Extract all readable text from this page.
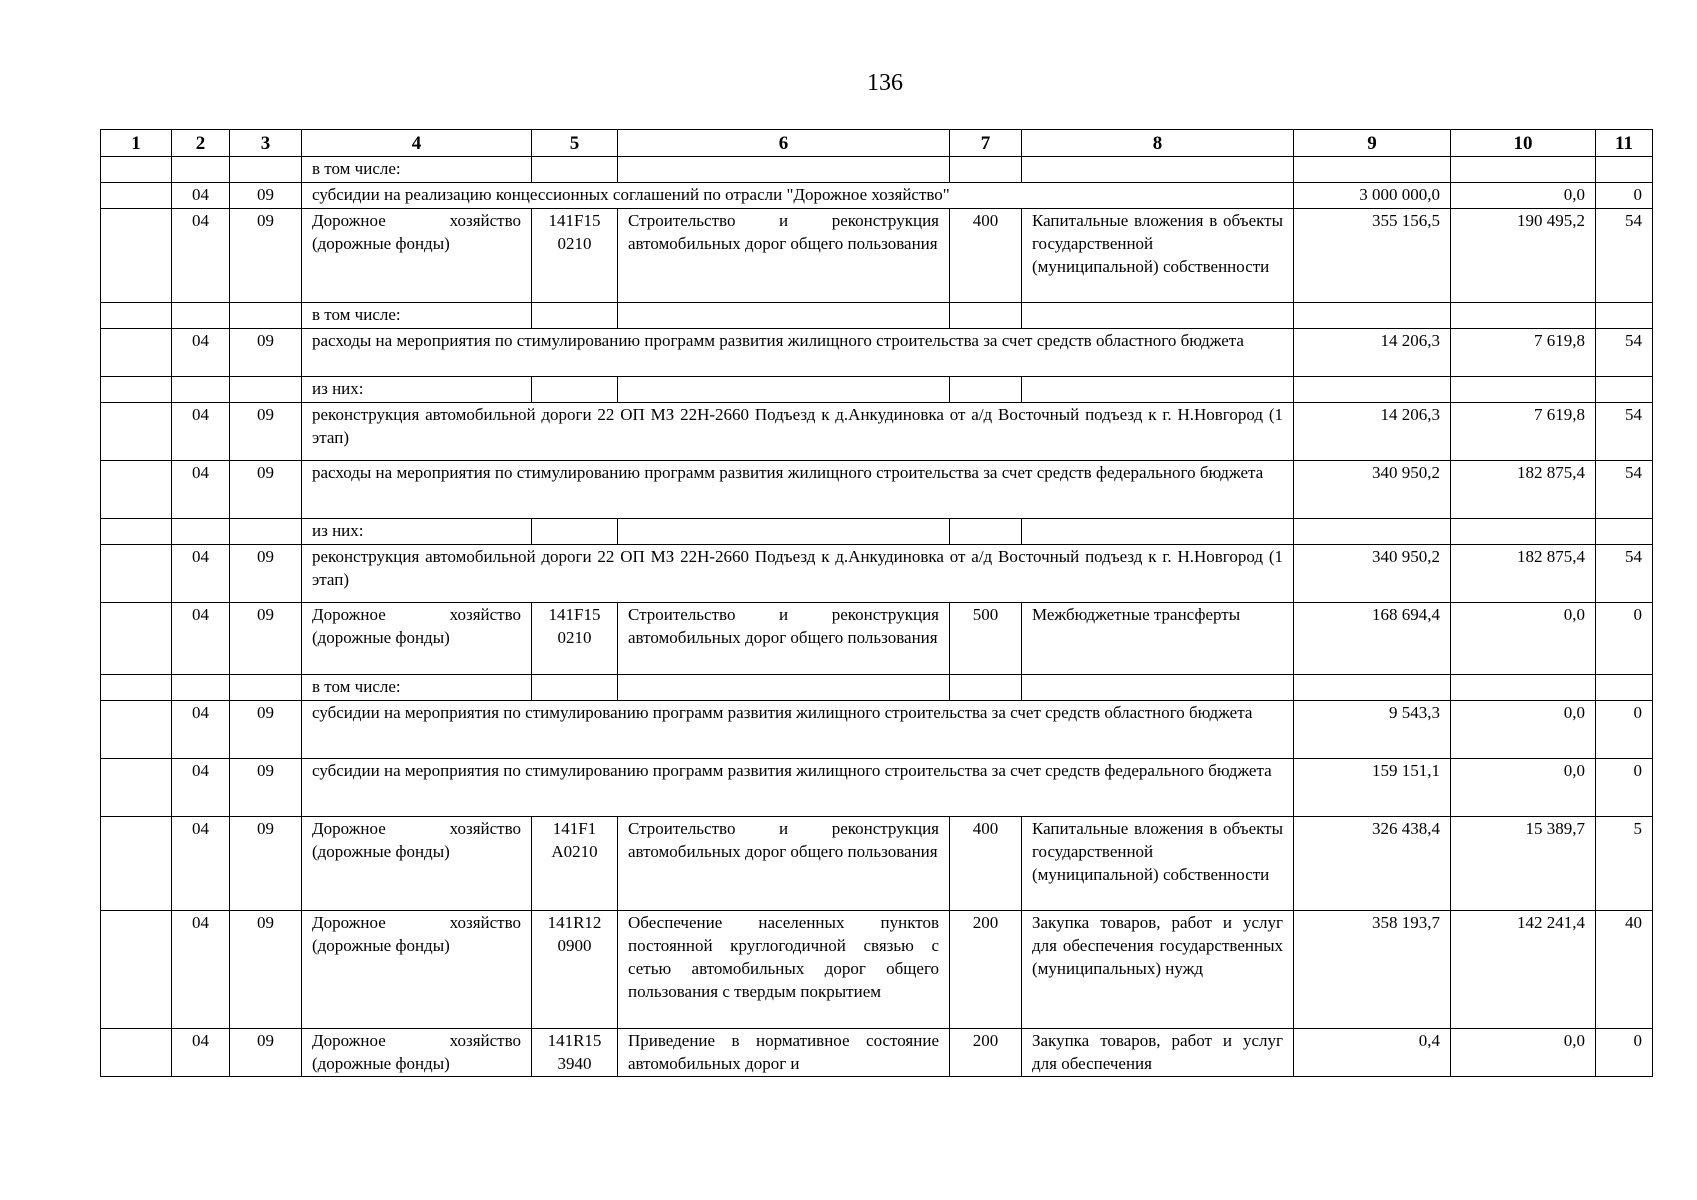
136
1	2	3	4	5	6	7	8	9	10	11
			в том числе:							
	04	09	субсидии на реализацию концессионных соглашений по отрасли "Дорожное хозяйство"					3 000 000,0	0,0	0
	04	09	Дорожное хозяйство (дорожные фонды)	141F15 0210	Строительство и реконструкция автомобильных дорог общего пользования	400	Капитальные вложения в объекты государственной (муниципальной) собственности	355 156,5	190 495,2	54
			в том числе:							
	04	09	расходы на мероприятия по стимулированию программ развития жилищного строительства за счет средств областного бюджета					14 206,3	7 619,8	54
			из них:							
	04	09	реконструкция автомобильной дороги 22 ОП МЗ 22Н-2660 Подъезд к д.Анкудиновка от а/д Восточный подъезд к г. Н.Новгород (1 этап)					14 206,3	7 619,8	54
	04	09	расходы на мероприятия по стимулированию программ развития жилищного строительства за счет средств федерального бюджета					340 950,2	182 875,4	54
			из них:							
	04	09	реконструкция автомобильной дороги 22 ОП МЗ 22Н-2660 Подъезд к д.Анкудиновка от а/д Восточный подъезд к г. Н.Новгород (1 этап)					340 950,2	182 875,4	54
	04	09	Дорожное хозяйство (дорожные фонды)	141F15 0210	Строительство и реконструкция автомобильных дорог общего пользования	500	Межбюджетные трансферты	168 694,4	0,0	0
			в том числе:							
	04	09	субсидии на мероприятия по стимулированию программ развития жилищного строительства за счет средств областного бюджета					9 543,3	0,0	0
	04	09	субсидии на мероприятия по стимулированию программ развития жилищного строительства за счет средств федерального бюджета					159 151,1	0,0	0
	04	09	Дорожное хозяйство (дорожные фонды)	141F1 A0210	Строительство и реконструкция автомобильных дорог общего пользования	400	Капитальные вложения в объекты государственной (муниципальной) собственности	326 438,4	15 389,7	5
	04	09	Дорожное хозяйство (дорожные фонды)	141R12 0900	Обеспечение населенных пунктов постоянной круглогодичной связью с сетью автомобильных дорог общего пользования с твердым покрытием	200	Закупка товаров, работ и услуг для обеспечения государственных (муниципальных) нужд	358 193,7	142 241,4	40
	04	09	Дорожное хозяйство (дорожные фонды)	141R15 3940	Приведение в нормативное состояние автомобильных дорог и	200	Закупка товаров, работ и услуг для обеспечения	0,4	0,0	0
